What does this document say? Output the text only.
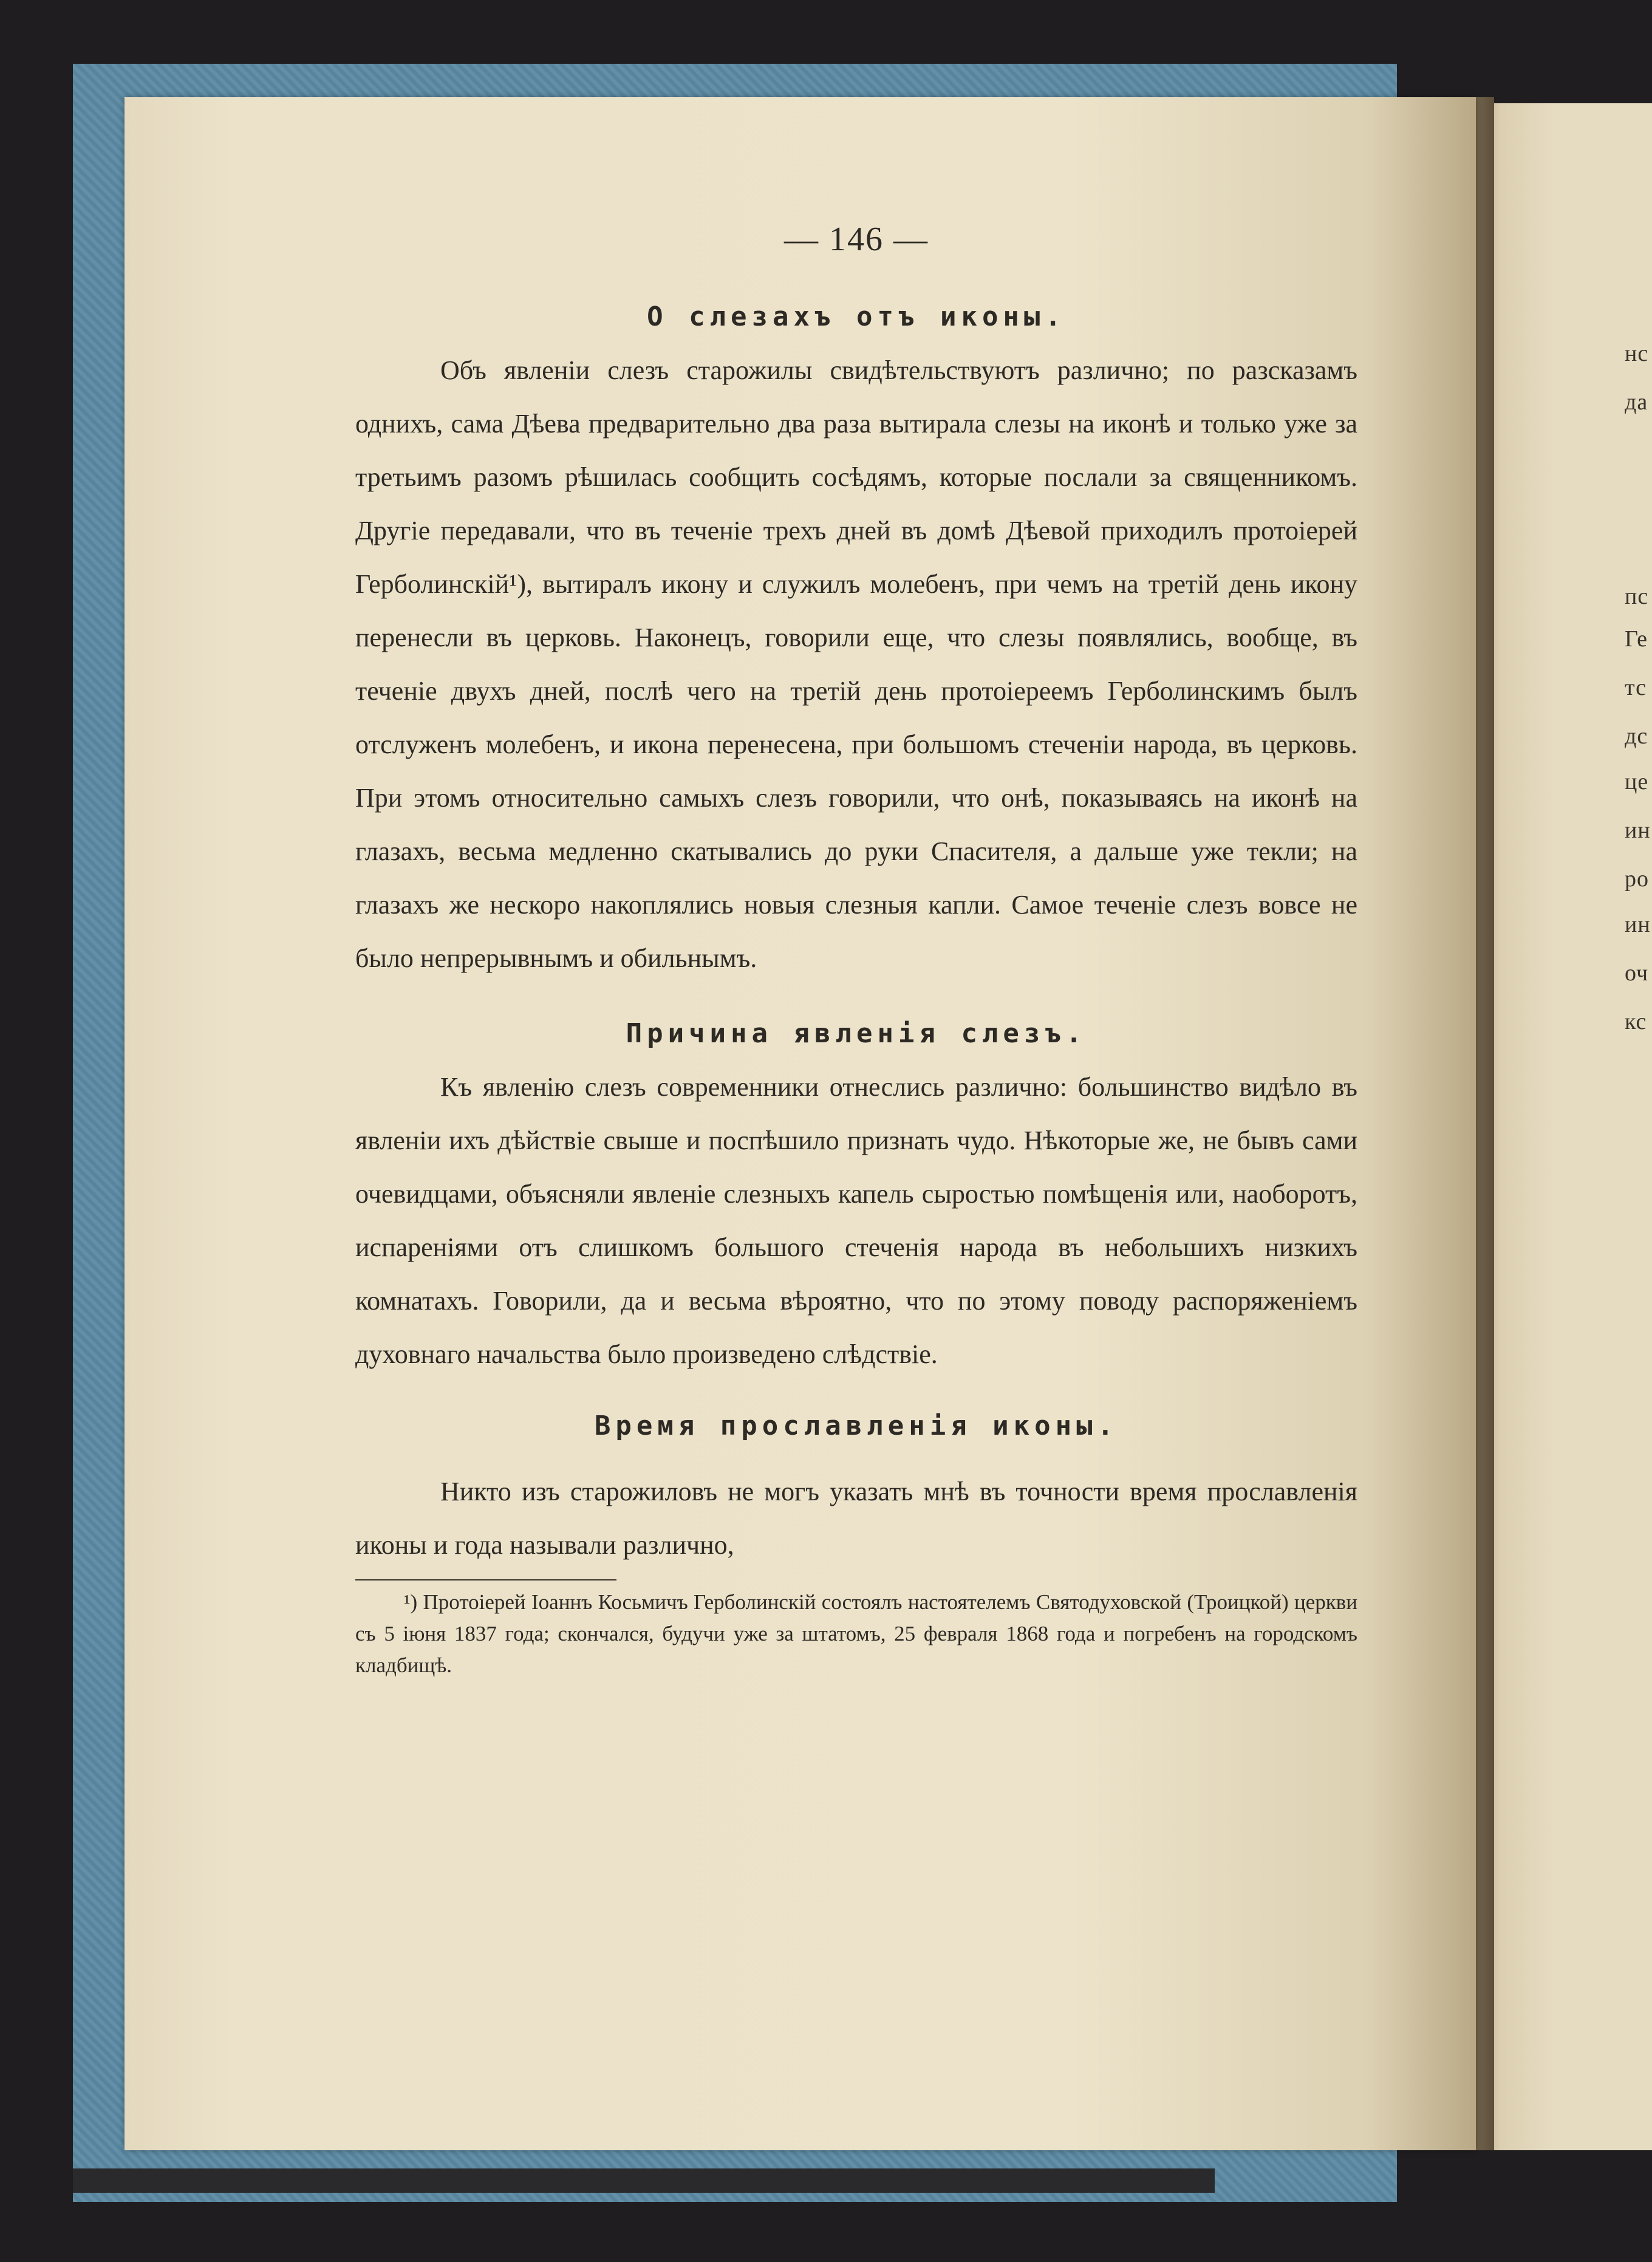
нс
да
пс
Ге
тс
дс
це
ин
ро
ин
оч
кс
— 146 —
О слезахъ отъ иконы.

Объ явленіи слезъ старожилы свидѣтельствуютъ различно; по разсказамъ однихъ, сама Дѣева предварительно два раза вытирала слезы на иконѣ и только уже за третьимъ разомъ рѣшилась сообщить сосѣдямъ, которые послали за священникомъ. Другіе передавали, что въ теченіе трехъ дней въ домѣ Дѣевой приходилъ протоіерей Герболинскій¹), вытиралъ икону и служилъ молебенъ, при чемъ на третій день икону перенесли въ церковь. Наконецъ, говорили еще, что слезы появлялись, вообще, въ теченіе двухъ дней, послѣ чего на третій день протоіереемъ Герболинскимъ былъ отслуженъ молебенъ, и икона перенесена, при большомъ стеченіи народа, въ церковь. При этомъ относительно самыхъ слезъ говорили, что онѣ, показываясь на иконѣ на глазахъ, весьма медленно скатывались до руки Спасителя, а дальше уже текли; на глазахъ же нескоро накоплялись новыя слезныя капли. Самое теченіе слезъ вовсе не было непрерывнымъ и обильнымъ.

Причина явленія слезъ.

Къ явленію слезъ современники отнеслись различно: большинство видѣло въ явленіи ихъ дѣйствіе свыше и поспѣшило признать чудо. Нѣкоторые же, не бывъ сами очевидцами, объясняли явленіе слезныхъ капель сыростью помѣщенія или, наоборотъ, испареніями отъ слишкомъ большого стеченія народа въ небольшихъ низкихъ комнатахъ. Говорили, да и весьма вѣроятно, что по этому поводу распоряженіемъ духовнаго начальства было произведено слѣдствіе.

Время прославленія иконы.

Никто изъ старожиловъ не могъ указать мнѣ въ точности время прославленія иконы и года называли различно,

¹) Протоіерей Іоаннъ Косьмичъ Герболинскій состоялъ настоятелемъ Святодуховской (Троицкой) церкви съ 5 іюня 1837 года; скончался, будучи уже за штатомъ, 25 февраля 1868 года и погребенъ на городскомъ кладбищѣ.
